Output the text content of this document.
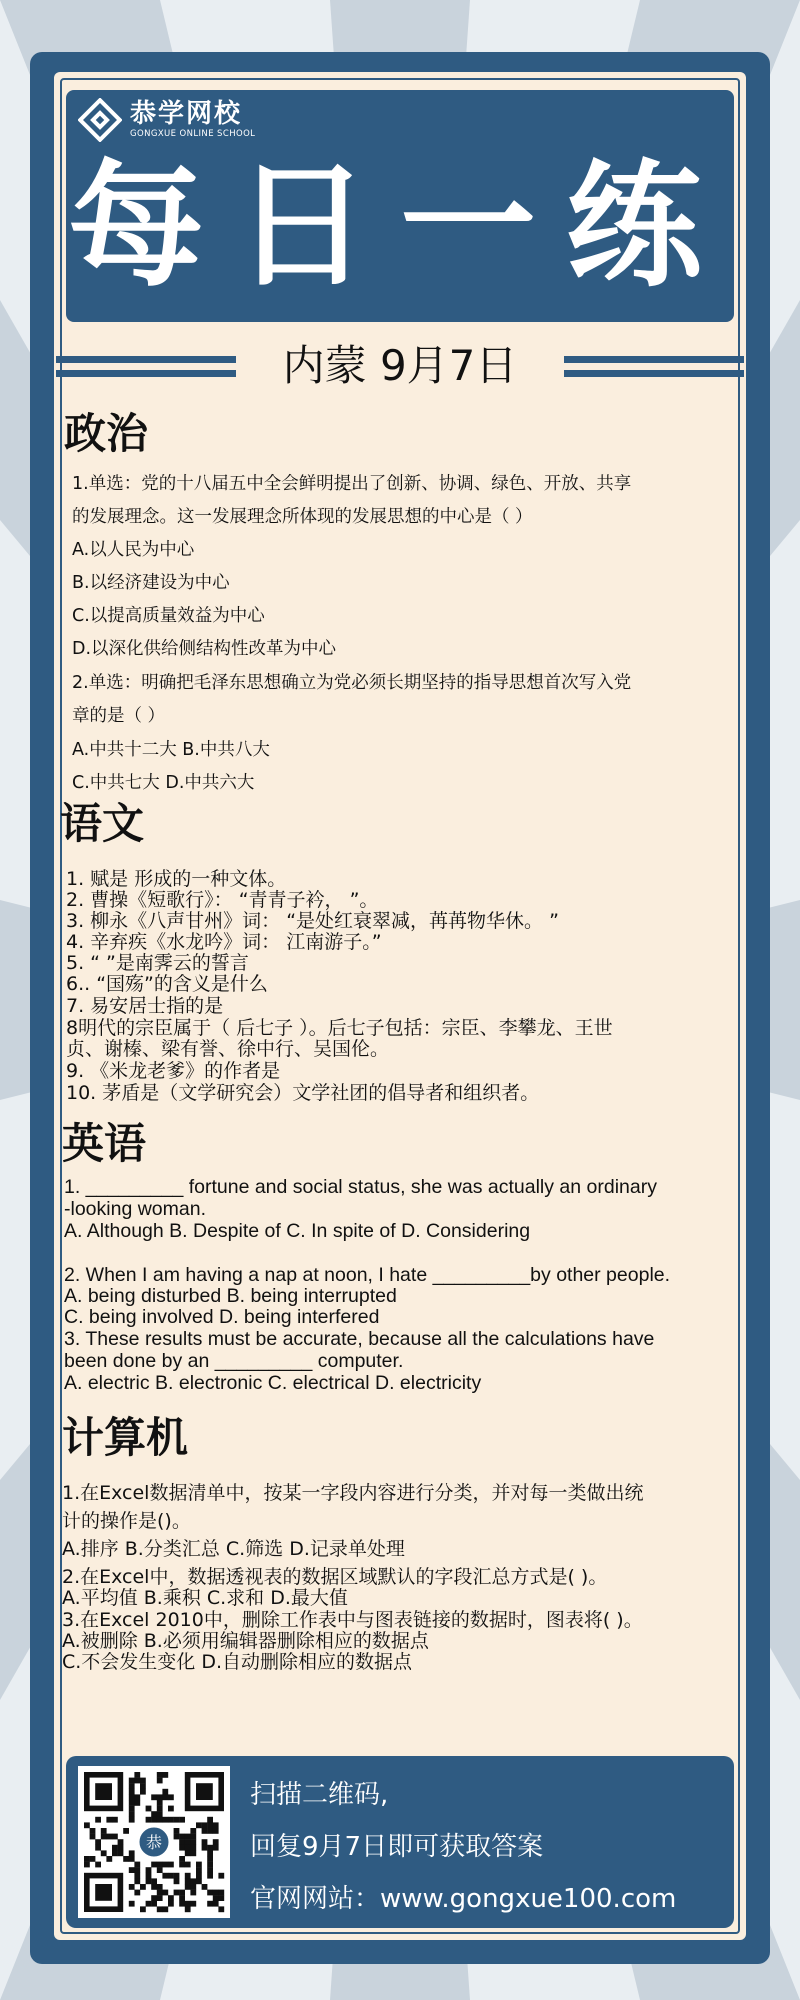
恭学网校
GONGXUE ONLINE SCHOOL
每日一练
内蒙 9月7日
政治
1.单选：党的十八届五中全会鲜明提出了创新、协调、绿色、开放、共享
的发展理念。这一发展理念所体现的发展思想的中心是（ ）
A.以人民为中心
B.以经济建设为中心
C.以提高质量效益为中心
D.以深化供给侧结构性改革为中心
2.单选：明确把毛泽东思想确立为党必须长期坚持的指导思想首次写入党
章的是（ ）
A.中共十二大 B.中共八大
C.中共七大 D.中共六大
语文
1. 赋是 形成的一种文体。
2. 曹操《短歌行》： “青青子衿， ”。
3. 柳永《八声甘州》词： “是处红衰翠减，苒苒物华休。 ”
4. 辛弃疾《水龙吟》词： 江南游子。”
5. “ ”是南霁云的誓言
6.. “国殇”的含义是什么
7. 易安居士指的是
8明代的宗臣属于（ 后七子 ）。后七子包括：宗臣、李攀龙、王世
贞、谢榛、梁有誉、徐中行、吴国伦。
9. 《米龙老爹》的作者是
10. 茅盾是（文学研究会）文学社团的倡导者和组织者。
英语
1. _________ fortune and social status, she was actually an ordinary
-looking woman.
A. Although B. Despite of C. In spite of D. Considering
2. When I am having a nap at noon, I hate _________by other people.
A. being disturbed B. being interrupted
C. being involved D. being interfered
3. These results must be accurate, because all the calculations have
been done by an _________ computer.
A. electric B. electronic C. electrical D. electricity
计算机
1.在Excel数据清单中，按某一字段内容进行分类，并对每一类做出统
计的操作是()。
A.排序 B.分类汇总 C.筛选 D.记录单处理
2.在Excel中，数据透视表的数据区域默认的字段汇总方式是( )。
A.平均值 B.乘积 C.求和 D.最大值
3.在Excel 2010中，删除工作表中与图表链接的数据时，图表将( )。
A.被删除 B.必须用编辑器删除相应的数据点
C.不会发生变化 D.自动删除相应的数据点
恭
扫描二维码,
回复9月7日即可获取答案
官网网站：www.gongxue100.com
